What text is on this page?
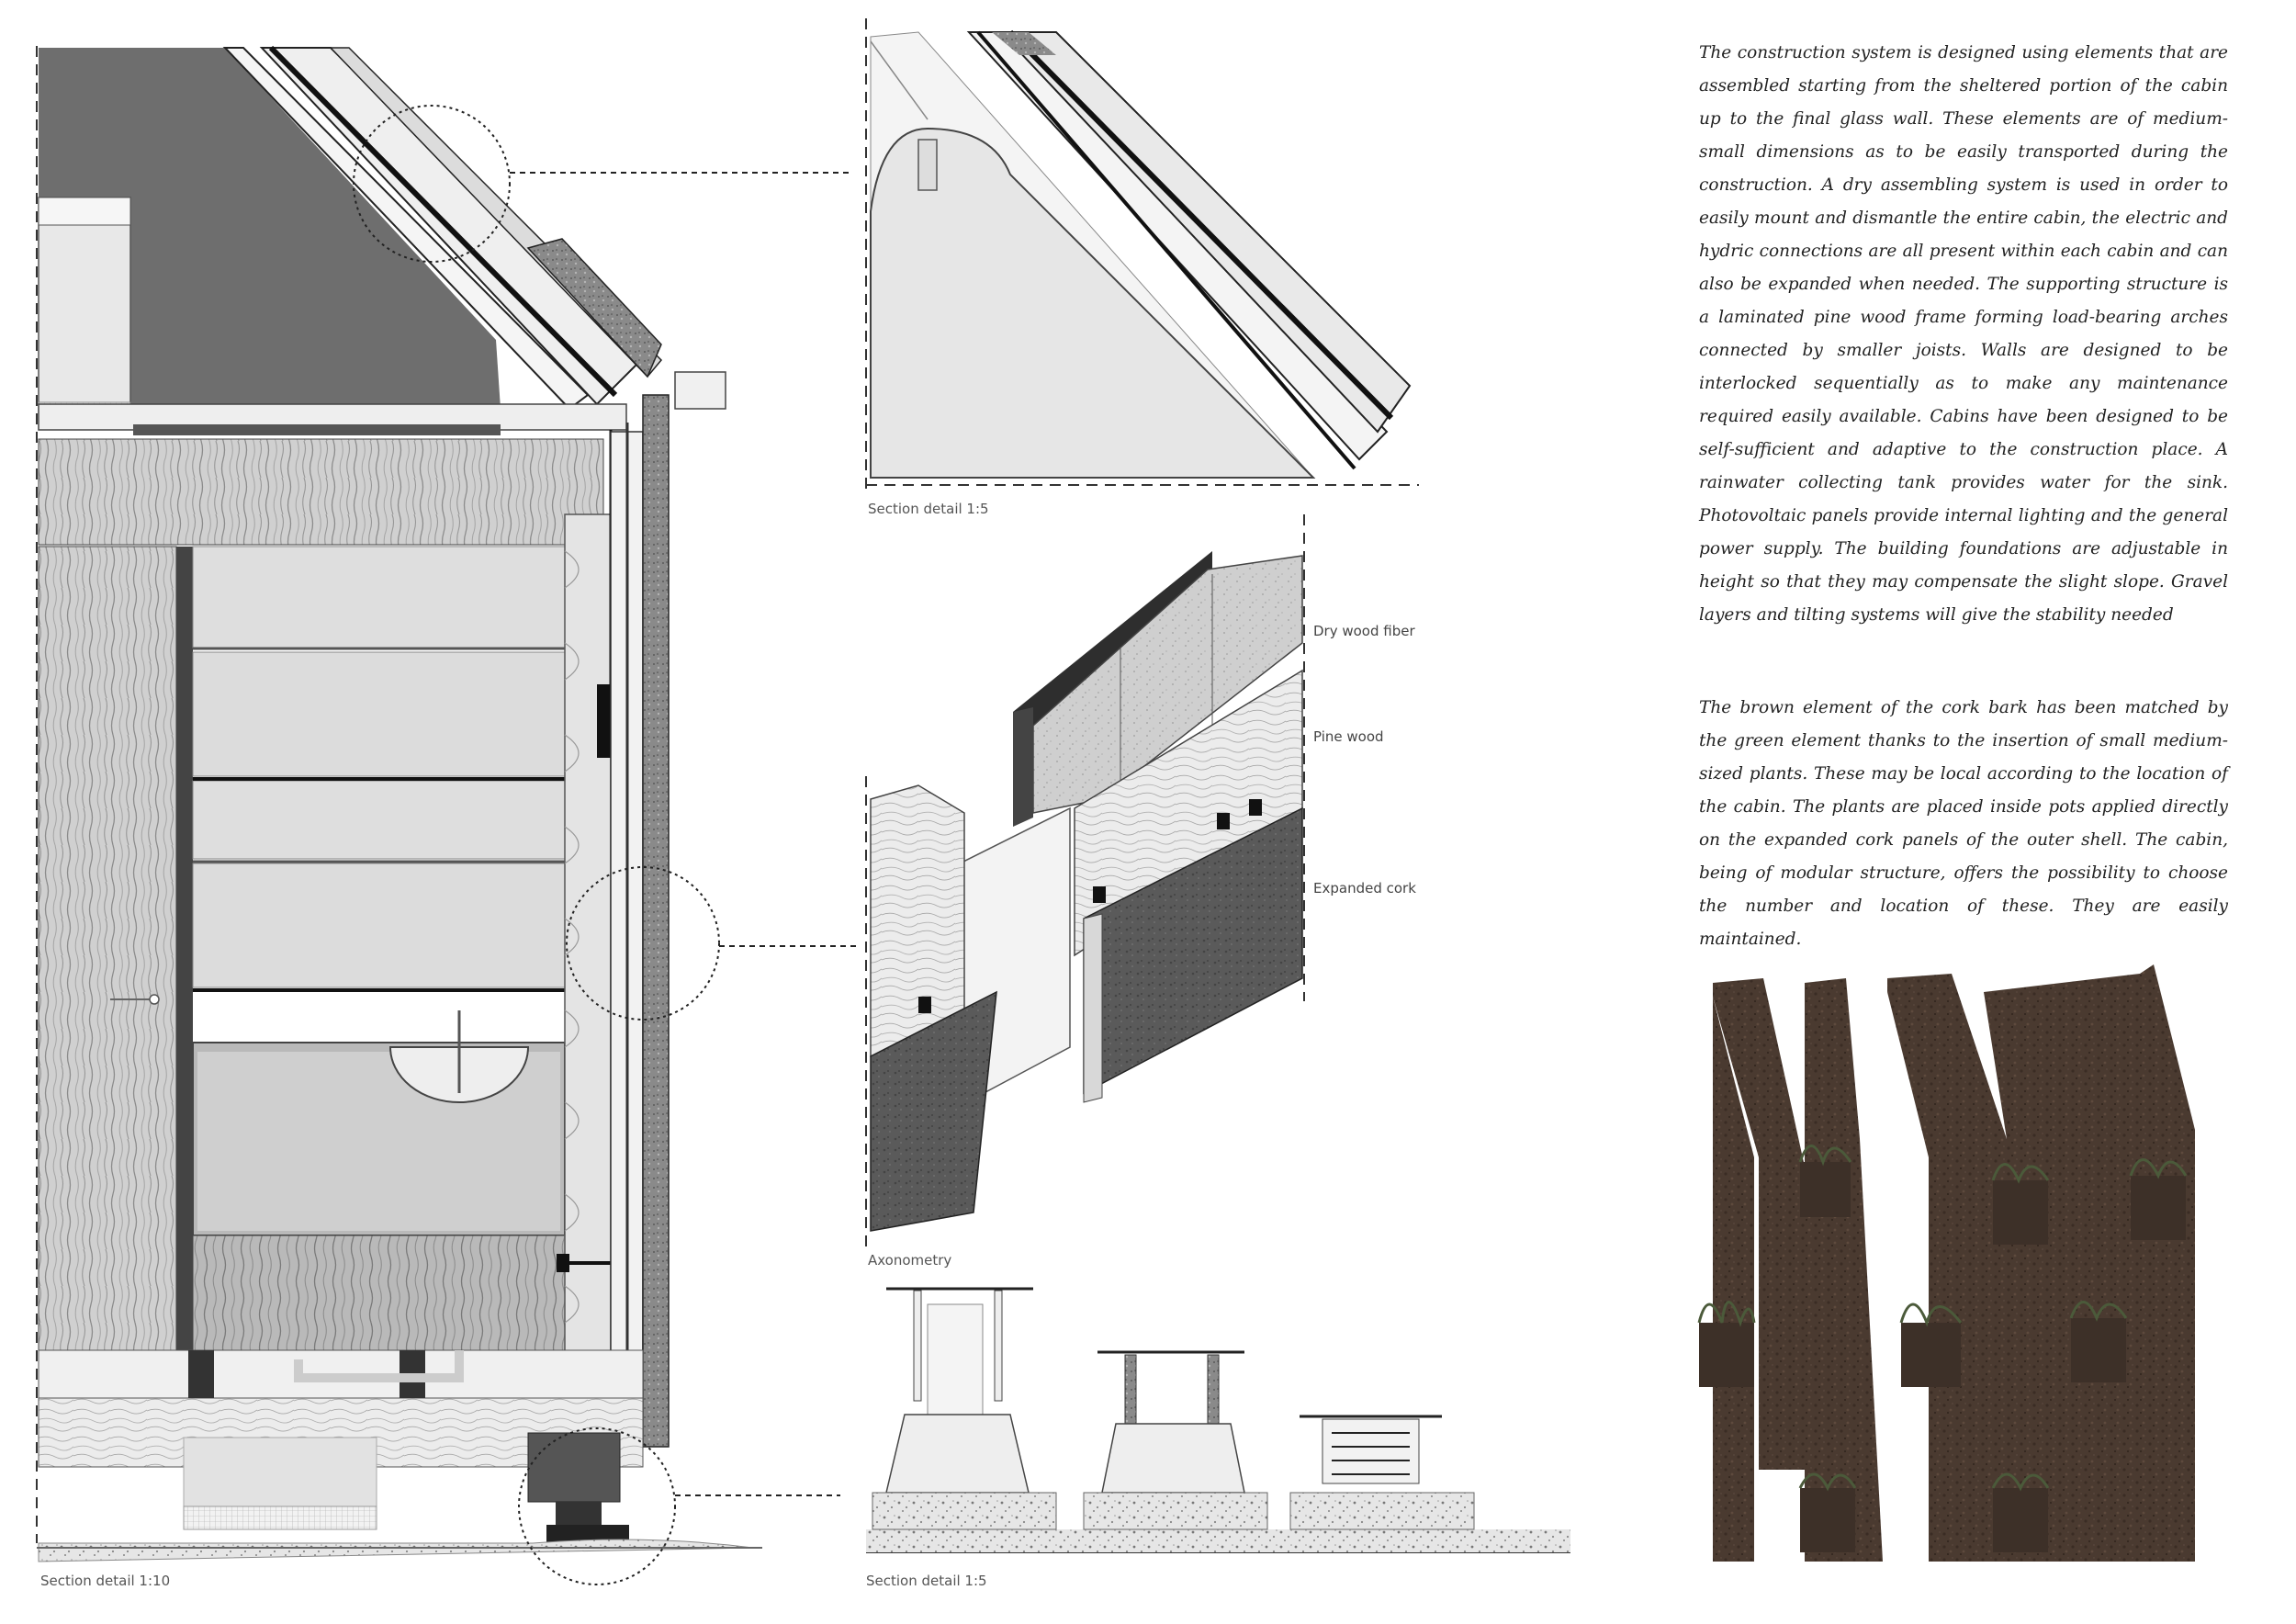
Section detail 1:10
Section detail 1:5
Axonometry
Section detail 1:5
Dry wood fiber
Pine wood
Expanded cork

The construction system is designed using elements that are assembled starting from the sheltered portion of the cabin up to the final glass wall. These elements are of medium-small dimensions as to be easily transported during the construction. A dry assembling system is used in order to easily mount and dismantle the entire cabin, the electric and hydric connections are all present within each cabin and can also be expanded when needed. The supporting structure is a laminated pine wood frame forming load-bearing arches connected by smaller joists. Walls are designed to be interlocked sequentially as to make any maintenance required easily available. Cabins have been designed to be self-sufficient and adaptive to the construction place. A rainwater collecting tank provides water for the sink. Photovoltaic panels provide internal lighting and the general power supply. The building foundations are adjustable in height so that they may compensate the slight slope. Gravel layers and tilting systems will give the stability needed

The brown element of the cork bark has been matched by the green element thanks to the insertion of small medium-sized plants. These may be local according to the location of the cabin. The plants are placed inside pots applied directly on the expanded cork panels of the outer shell. The cabin, being of modular structure, offers the possibility to choose the number and location of these. They are easily maintained.
